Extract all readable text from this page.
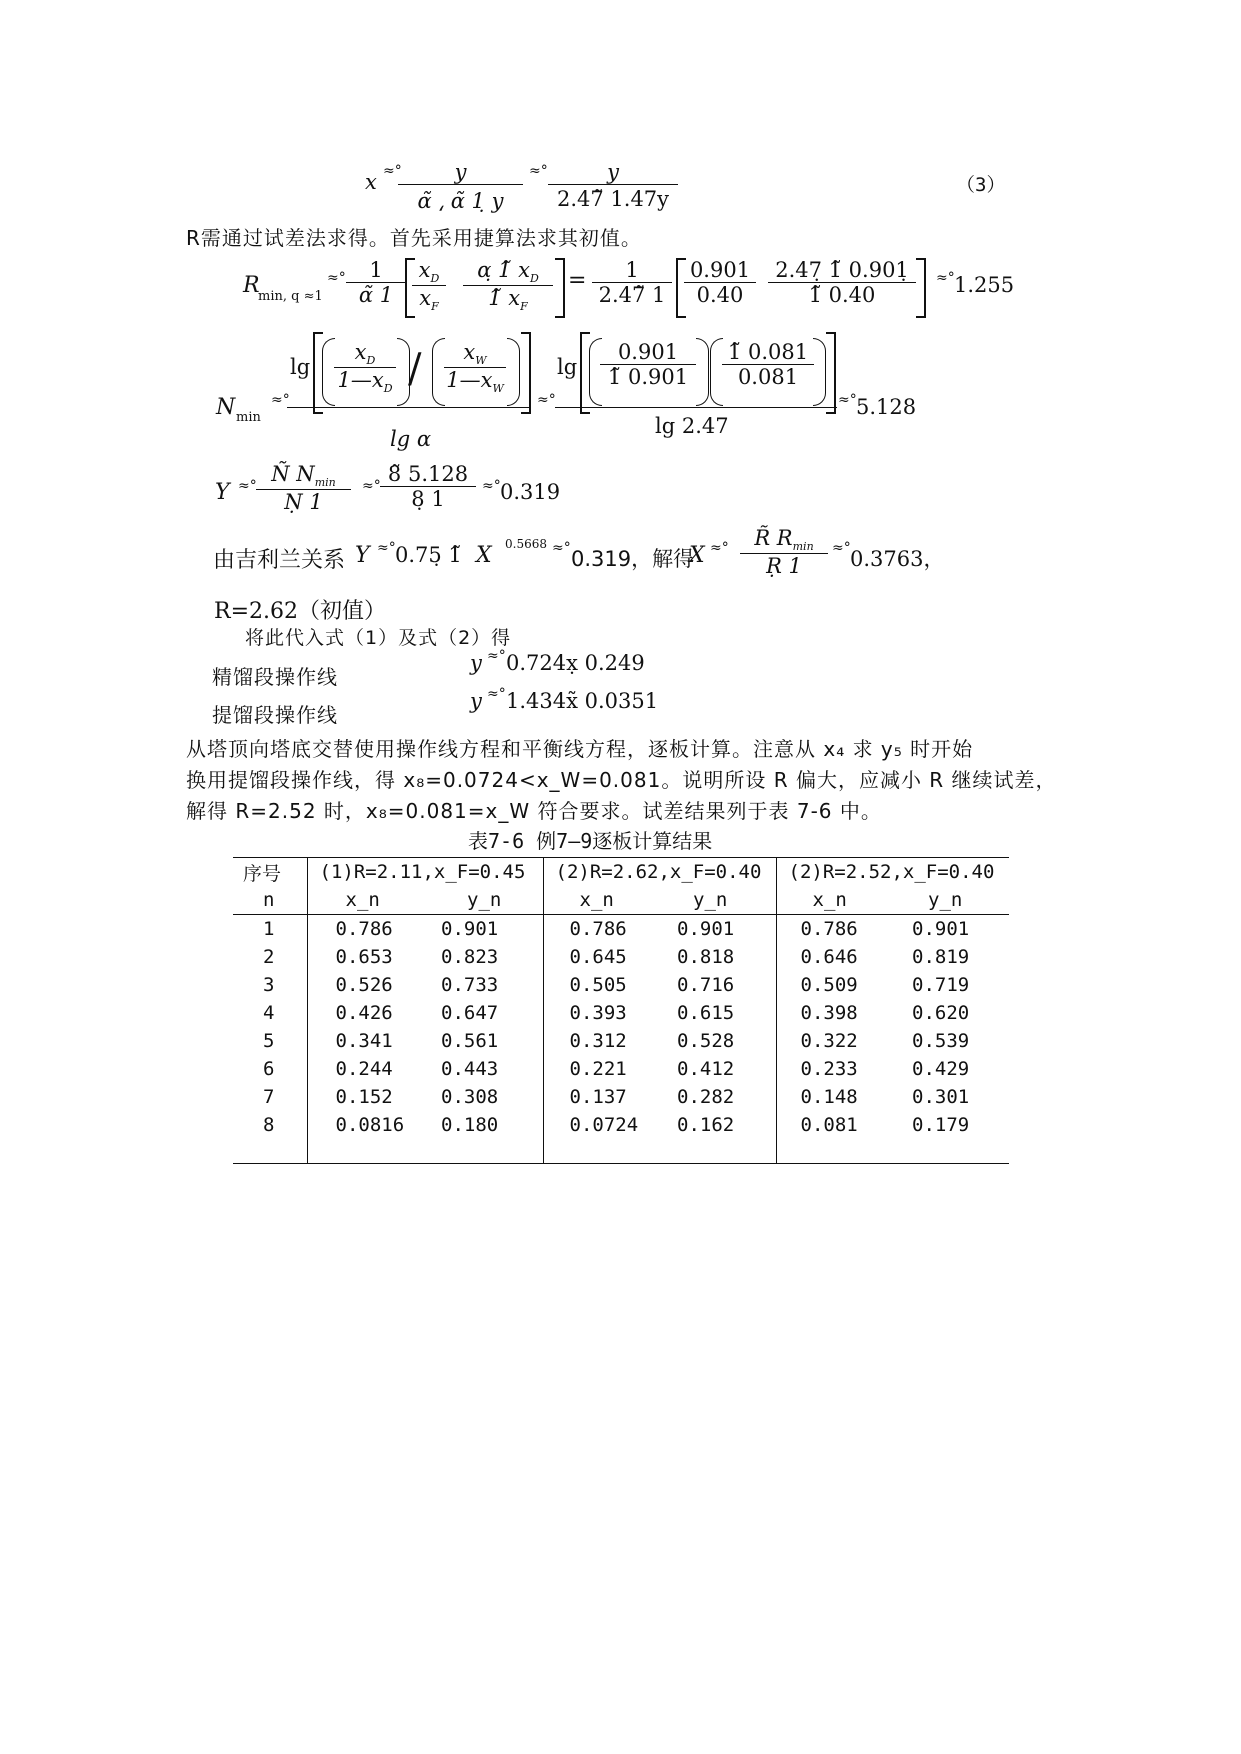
x ≈°	y
α̃ ⸲ α̃ 1̣ y
≈°	y
2.47̃ 1.47y
（3）
R需通过试差法求得。首先采用捷算法求其初值。
R
min, q ≈1
≈°	1
α̃ 1
$x_D$
$x_F$
α̣ 1̃ $x_D$
1̃ $x_F$
=	1
2.47̃ 1
0.901
0.40
2.47̣ 1̃ 0.901̣
1̃ 0.40
≈° 1.255
N min
≈°
lg
$x_D$
$1—x_D$ /	$x_W$
$1—x_W$
lg α
≈°
lg
0.901
1̃ 0.901
1̃ 0.081
0.081
lg 2.47
≈° 5.128
Y ≈° Ñ $N_{min}$
Ṇ 1
≈° 8̃ 5.128
8̣ 1
≈° 0.319
由吉利兰关系 Y ≈° 0.75̣ 1̃ X 0.5668 ≈° 0.319，解得
X ≈°	R̃ $R_{min}$
Ṛ 1
≈° 0.3763，
R=2.62（初值）
将此代入式（1）及式（2）得
精馏段操作线
y ≈° 0.724x̣ 0.249
提馏段操作线
y ≈° 1.434x̃ 0.0351
从塔顶向塔底交替使用操作线方程和平衡线方程，逐板计算。注意从 x₄ 求 y₅ 时开始
换用提馏段操作线，得 x₈=0.0724<x_W=0.081。说明所设 R 偏大，应减小 R 继续试差，
解得 R=2.52 时，x₈=0.081=x_W 符合要求。试差结果列于表 7-6 中。
表7-6 例7—9逐板计算结果
序号	(1)R=2.11,x_F=0.45		(2)R=2.62,x_F=0.40		(2)R=2.52,x_F=0.40	
n	x_n	y_n	x_n	y_n	x_n	y_n
1	0.786	0.901	0.786	0.901	0.786	0.901
2	0.653	0.823	0.645	0.818	0.646	0.819
3	0.526	0.733	0.505	0.716	0.509	0.719
4	0.426	0.647	0.393	0.615	0.398	0.620
5	0.341	0.561	0.312	0.528	0.322	0.539
6	0.244	0.443	0.221	0.412	0.233	0.429
7	0.152	0.308	0.137	0.282	0.148	0.301
8	0.0816	0.180	0.0724	0.162	0.081	0.179
